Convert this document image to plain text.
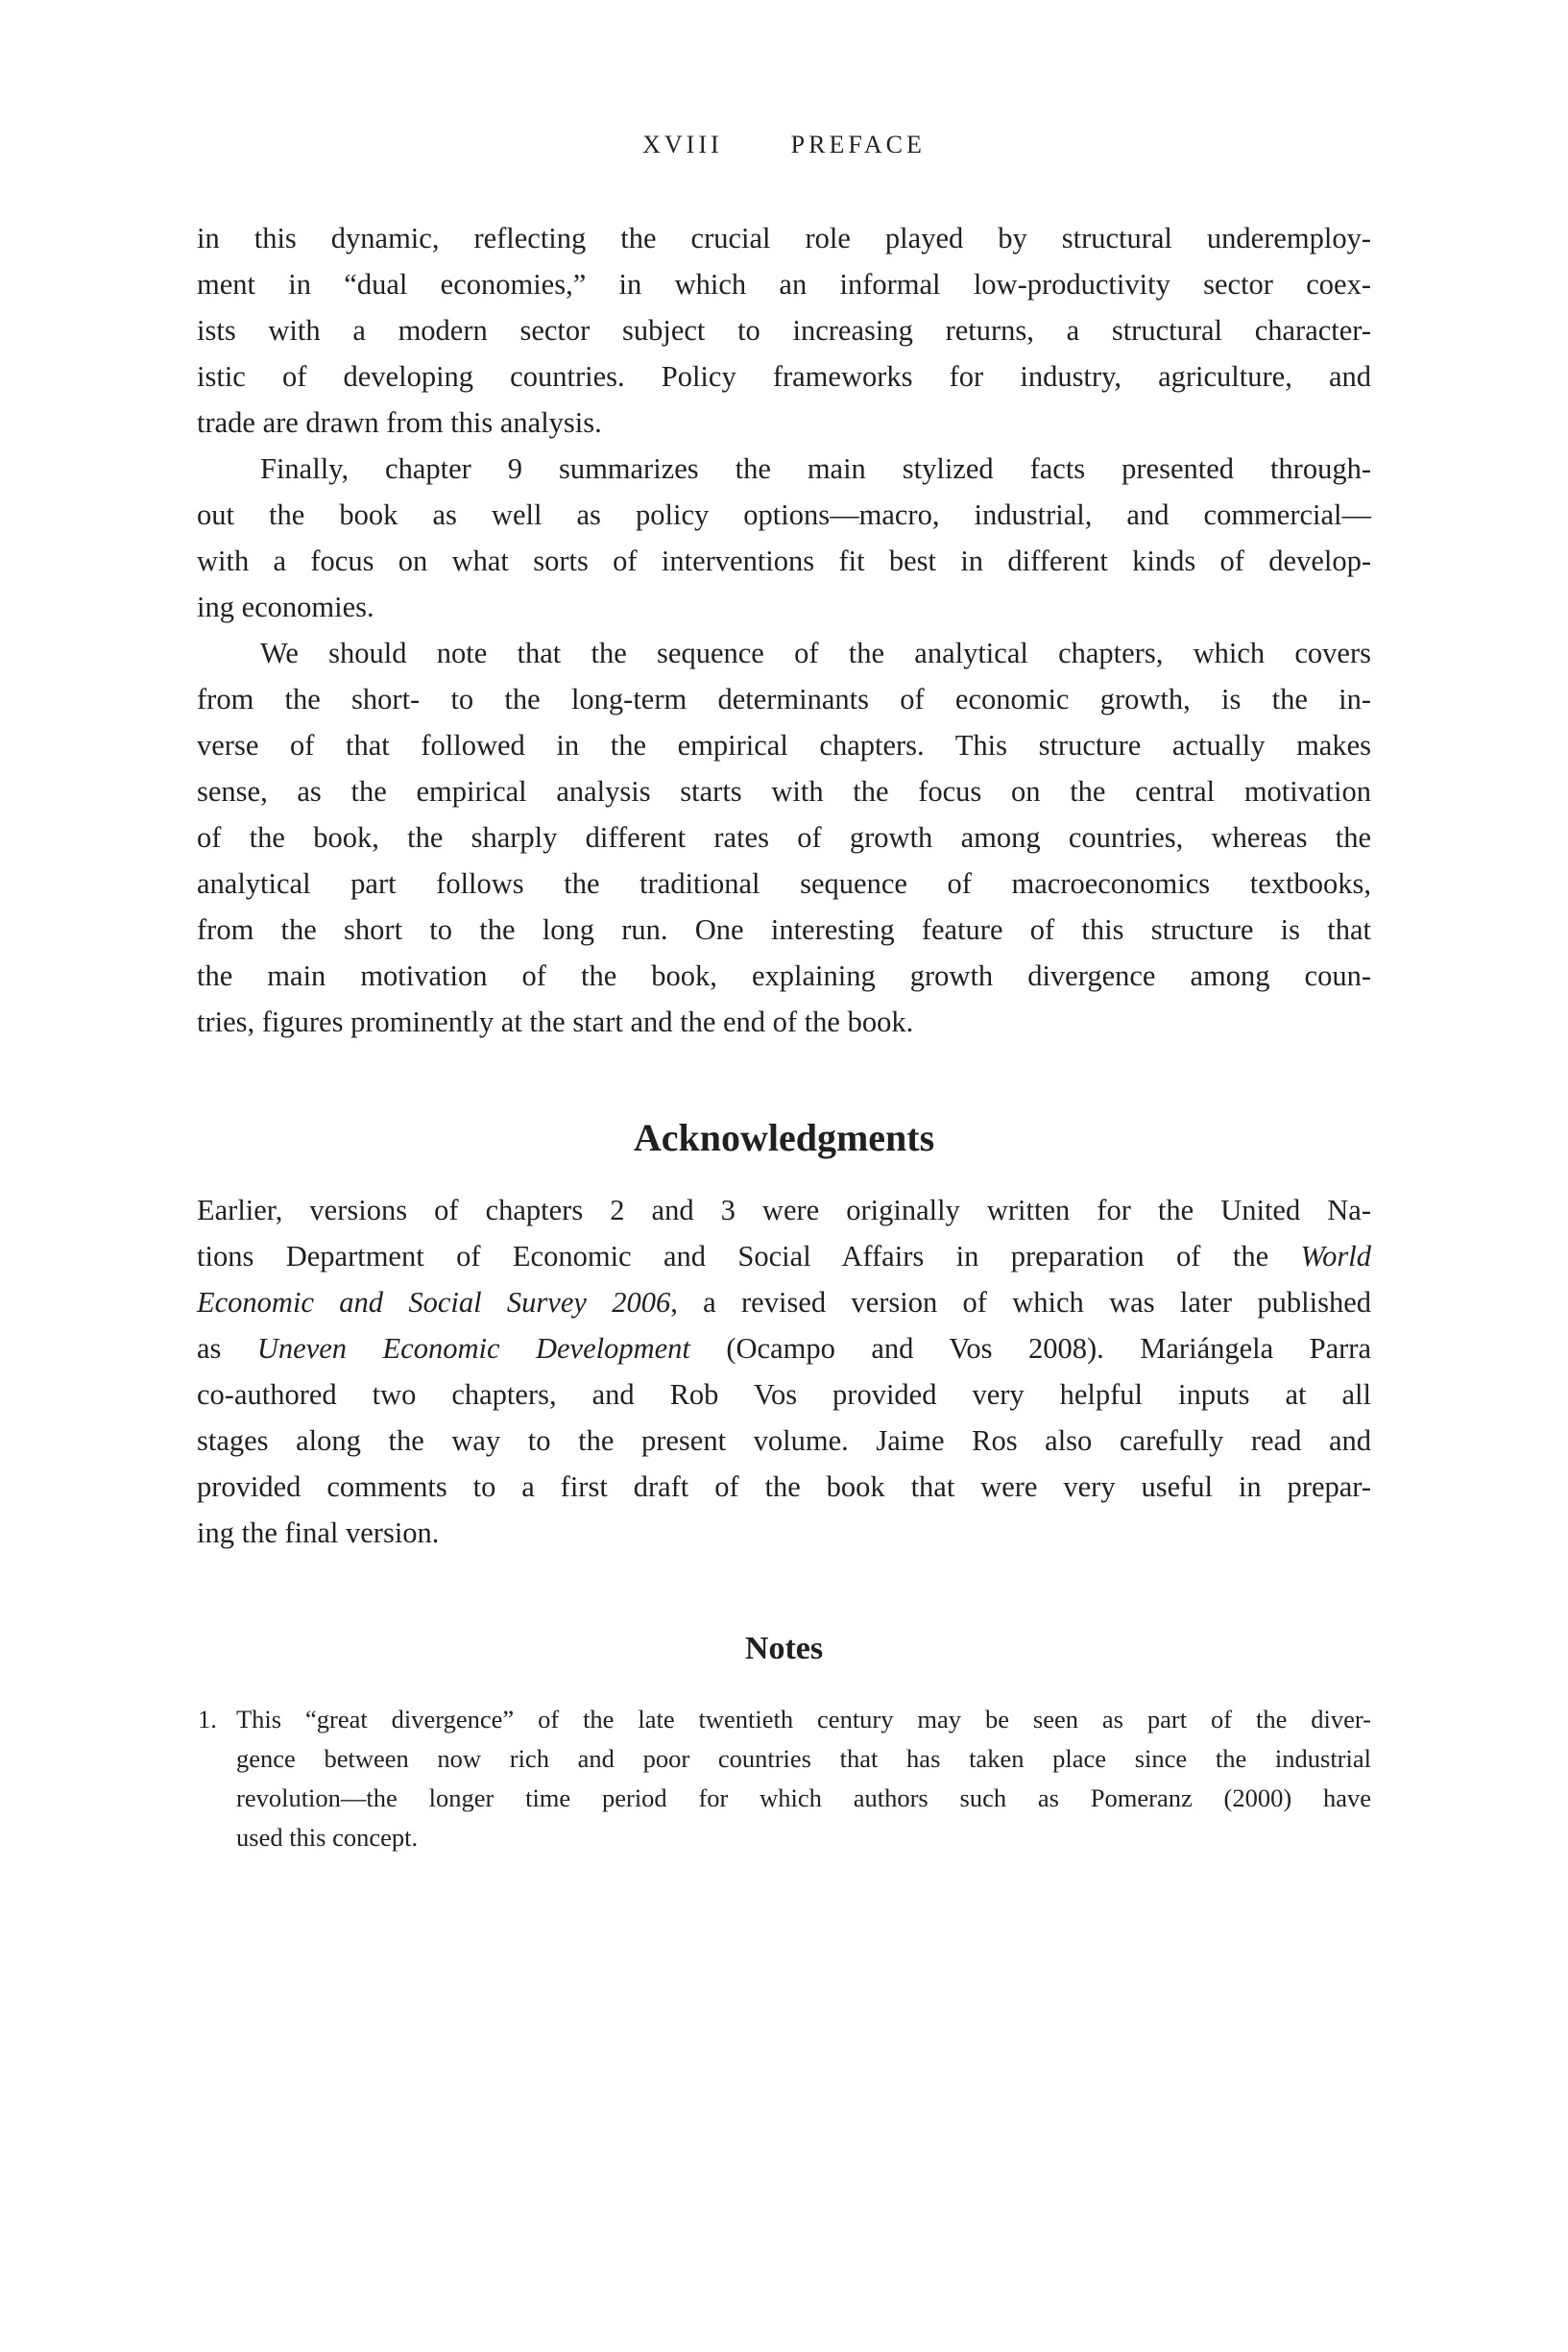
XVIII	PREFACE
in this dynamic, reflecting the crucial role played by structural underemploy-
ment in “dual economies,” in which an informal low-productivity sector coex-
ists with a modern sector subject to increasing returns, a structural character-
istic of developing countries. Policy frameworks for industry, agriculture, and
trade are drawn from this analysis.
Finally, chapter 9 summarizes the main stylized facts presented through-
out the book as well as policy options—macro, industrial, and commercial—
with a focus on what sorts of interventions fit best in different kinds of develop-
ing economies.
We should note that the sequence of the analytical chapters, which covers
from the short- to the long-term determinants of economic growth, is the in-
verse of that followed in the empirical chapters. This structure actually makes
sense, as the empirical analysis starts with the focus on the central motivation
of the book, the sharply different rates of growth among countries, whereas the
analytical part follows the traditional sequence of macroeconomics textbooks,
from the short to the long run. One interesting feature of this structure is that
the main motivation of the book, explaining growth divergence among coun-
tries, figures prominently at the start and the end of the book.
Acknowledgments
Earlier, versions of chapters 2 and 3 were originally written for the United Na-
tions Department of Economic and Social Affairs in preparation of the World
Economic and Social Survey 2006, a revised version of which was later published
as Uneven Economic Development (Ocampo and Vos 2008). Mariángela Parra
co-authored two chapters, and Rob Vos provided very helpful inputs at all
stages along the way to the present volume. Jaime Ros also carefully read and
provided comments to a first draft of the book that were very useful in prepar-
ing the final version.
Notes
1. This “great divergence” of the late twentieth century may be seen as part of the diver-
gence between now rich and poor countries that has taken place since the industrial
revolution—the longer time period for which authors such as Pomeranz (2000) have
used this concept.
